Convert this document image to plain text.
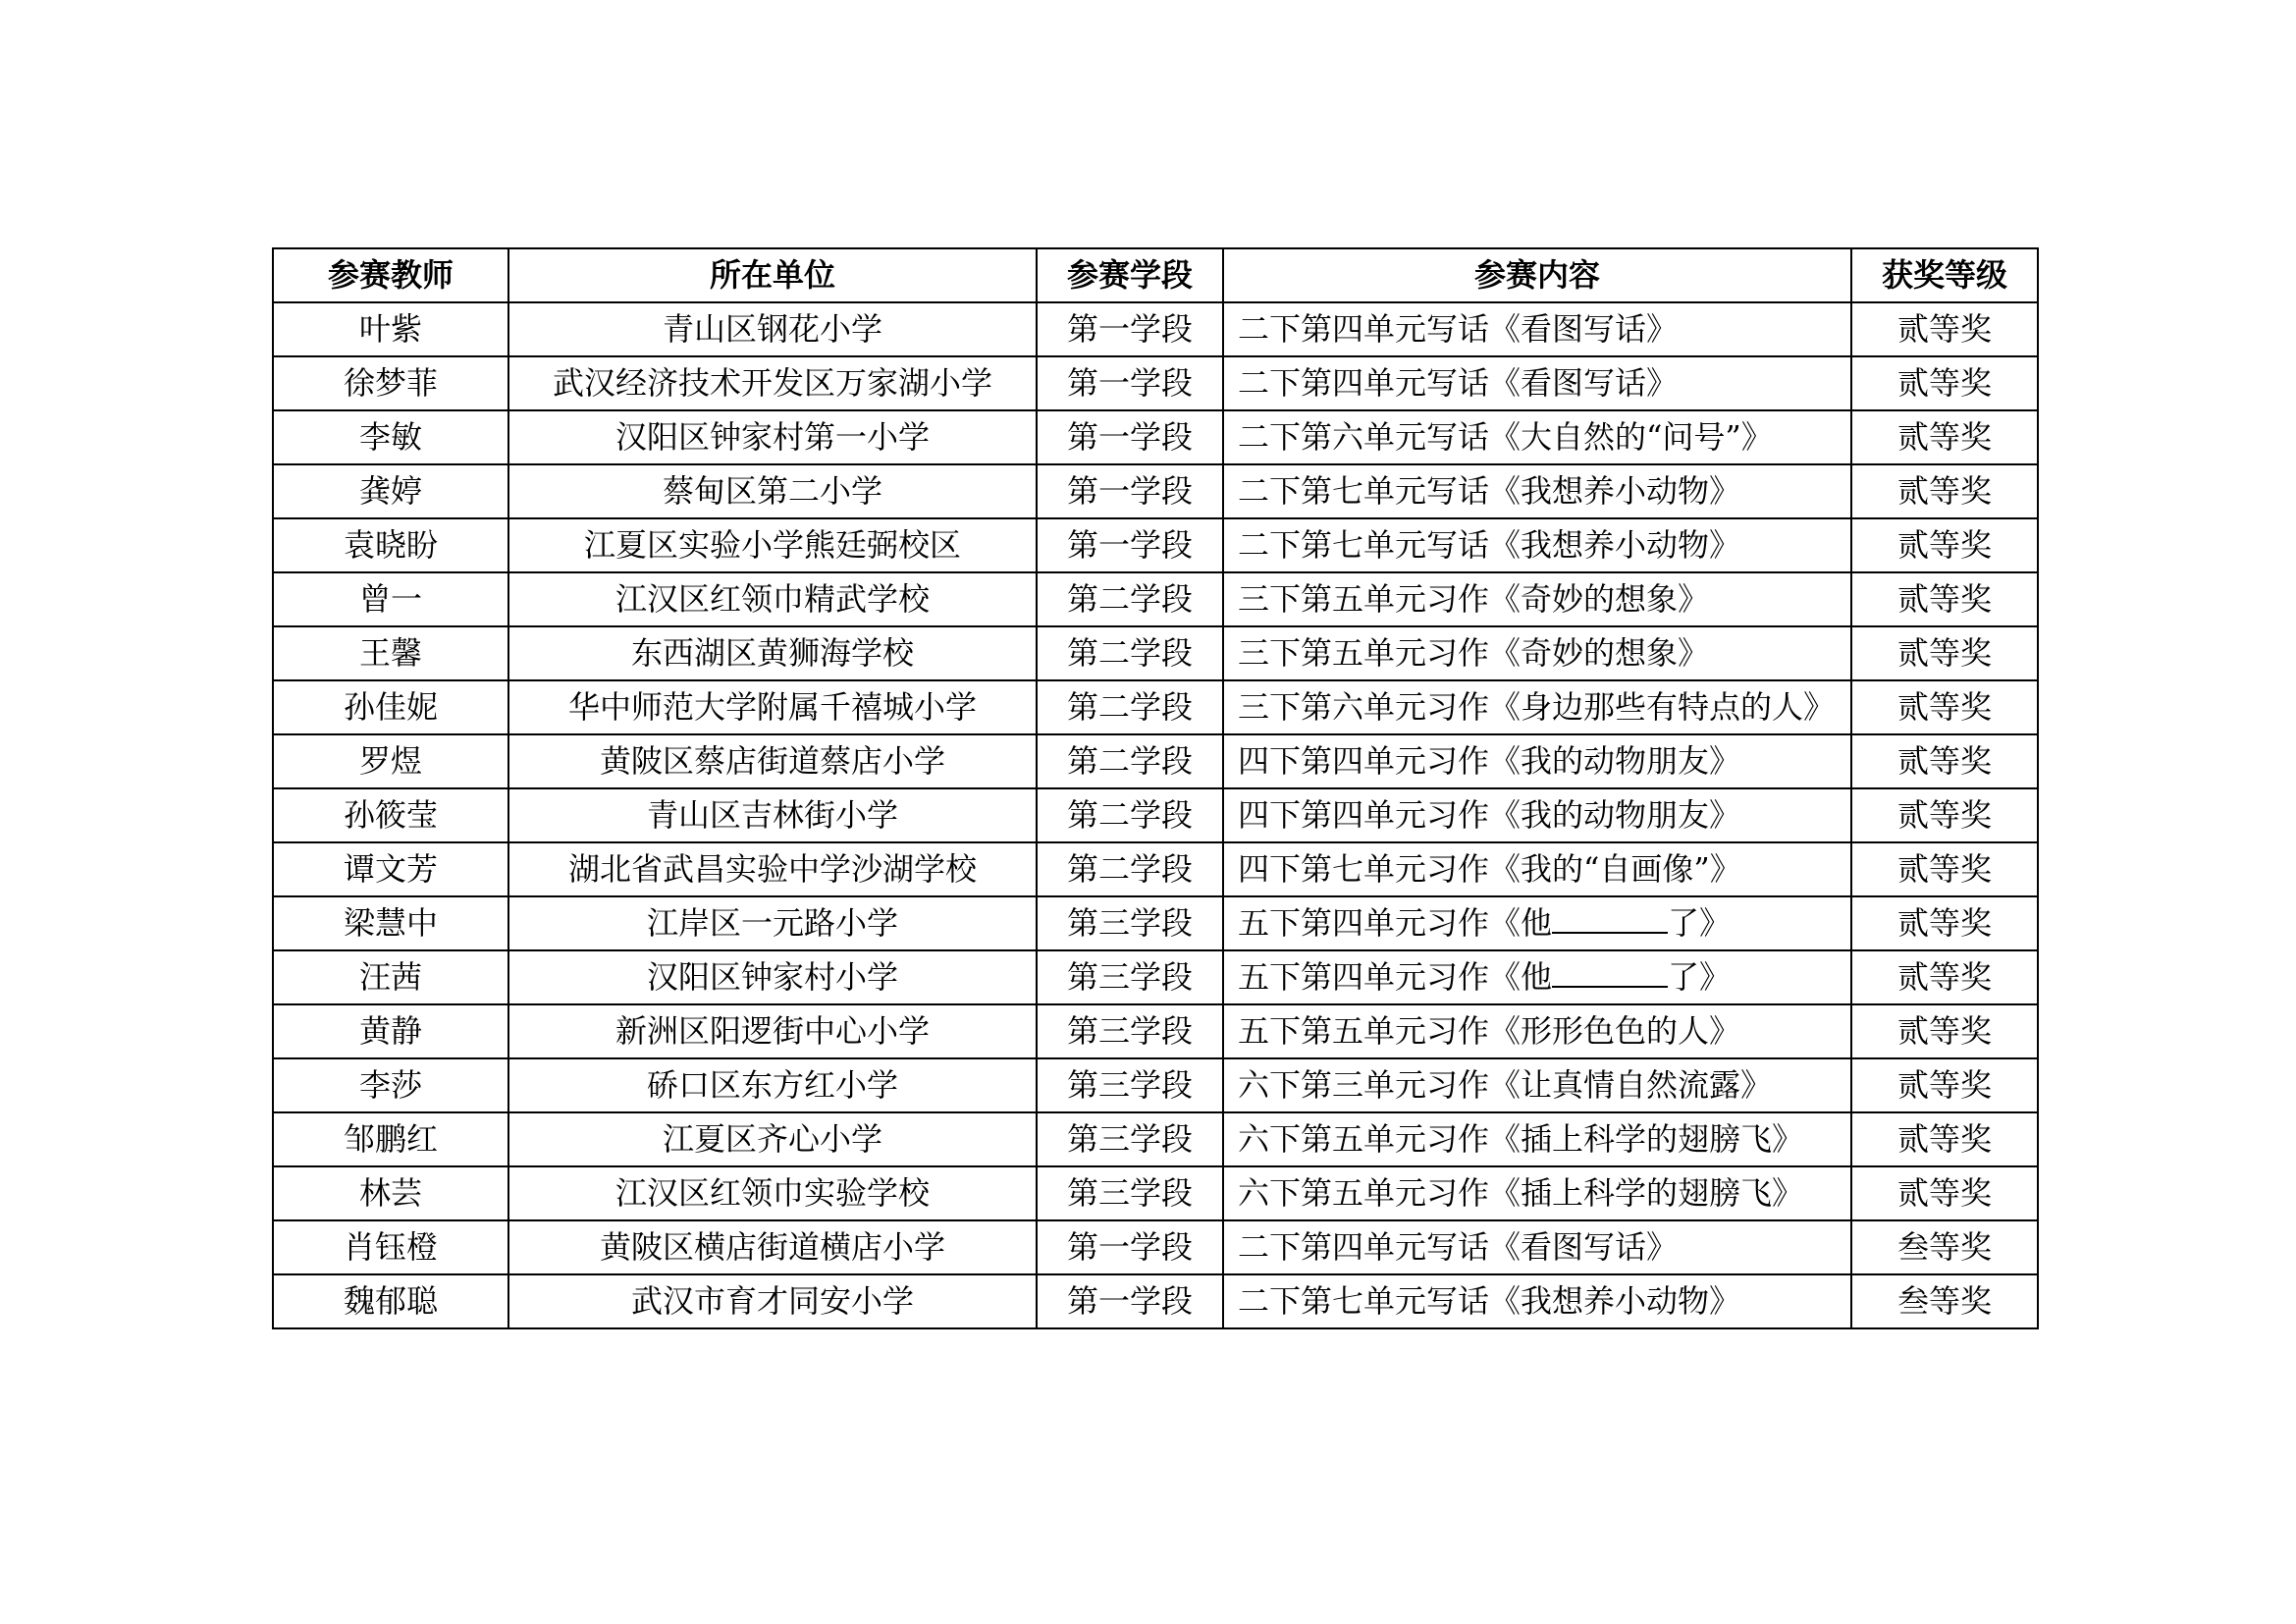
参赛教师	所在单位	参赛学段	参赛内容	获奖等级
叶紫	青山区钢花小学	第一学段	二下第四单元写话《看图写话》	贰等奖
徐梦菲	武汉经济技术开发区万家湖小学	第一学段	二下第四单元写话《看图写话》	贰等奖
李敏	汉阳区钟家村第一小学	第一学段	二下第六单元写话《大自然的“问号”》	贰等奖
龚婷	蔡甸区第二小学	第一学段	二下第七单元写话《我想养小动物》	贰等奖
袁晓盼	江夏区实验小学熊廷弼校区	第一学段	二下第七单元写话《我想养小动物》	贰等奖
曾一	江汉区红领巾精武学校	第二学段	三下第五单元习作《奇妙的想象》	贰等奖
王馨	东西湖区黄狮海学校	第二学段	三下第五单元习作《奇妙的想象》	贰等奖
孙佳妮	华中师范大学附属千禧城小学	第二学段	三下第六单元习作《身边那些有特点的人》	贰等奖
罗煜	黄陂区蔡店街道蔡店小学	第二学段	四下第四单元习作《我的动物朋友》	贰等奖
孙筱莹	青山区吉林街小学	第二学段	四下第四单元习作《我的动物朋友》	贰等奖
谭文芳	湖北省武昌实验中学沙湖学校	第二学段	四下第七单元习作《我的“自画像”》	贰等奖
梁慧中	江岸区一元路小学	第三学段	五下第四单元习作《他 了》	贰等奖
汪茜	汉阳区钟家村小学	第三学段	五下第四单元习作《他 了》	贰等奖
黄静	新洲区阳逻街中心小学	第三学段	五下第五单元习作《形形色色的人》	贰等奖
李莎	硚口区东方红小学	第三学段	六下第三单元习作《让真情自然流露》	贰等奖
邹鹏红	江夏区齐心小学	第三学段	六下第五单元习作《插上科学的翅膀飞》	贰等奖
林芸	江汉区红领巾实验学校	第三学段	六下第五单元习作《插上科学的翅膀飞》	贰等奖
肖钰橙	黄陂区横店街道横店小学	第一学段	二下第四单元写话《看图写话》	叁等奖
魏郁聪	武汉市育才同安小学	第一学段	二下第七单元写话《我想养小动物》	叁等奖
